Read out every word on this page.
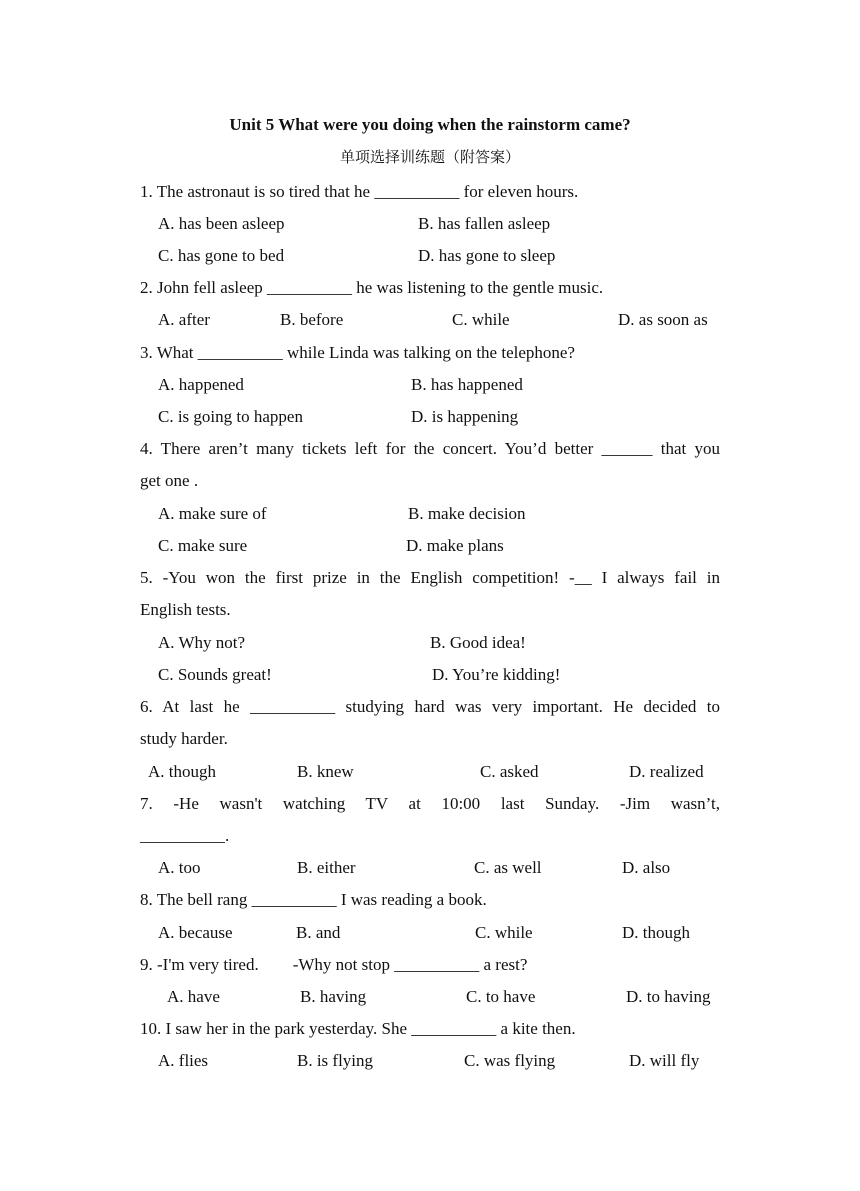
Unit 5 What were you doing when the rainstorm came?
单项选择训练题（附答案）
1. The astronaut is so tired that he __________ for eleven hours.
A. has been asleep	B. has fallen asleep
C. has gone to bed	D. has gone to sleep
2. John fell asleep __________ he was listening to the gentle music.
A. after	B. before	C. while	D. as soon as
3. What __________ while Linda was talking on the telephone?
A. happened	B. has happened
C. is going to happen	D. is happening
4. There aren’t many tickets left for the concert. You’d better ______ that you
get one .
A. make sure of	B. make decision
C. make sure	D. make plans
5. -You won the first prize in the English competition! -__ I always fail in
English tests.
A. Why not?	B. Good idea!
C. Sounds great!	D. You’re kidding!
6. At last he __________ studying hard was very important. He decided to
study harder.
A. though	B. knew	C. asked	D. realized
7. -He wasn't watching TV at 10:00 last Sunday. -Jim wasn’t,
__________.
A. too	B. either	C. as well	D. also
8. The bell rang __________ I was reading a book.
A. because	B. and	C. while	D. though
9. -I'm very tired.        -Why not stop __________ a rest?
A. have	B. having	C. to have	D. to having
10. I saw her in the park yesterday. She __________ a kite then.
A. flies	B. is flying	C. was flying	D. will fly
